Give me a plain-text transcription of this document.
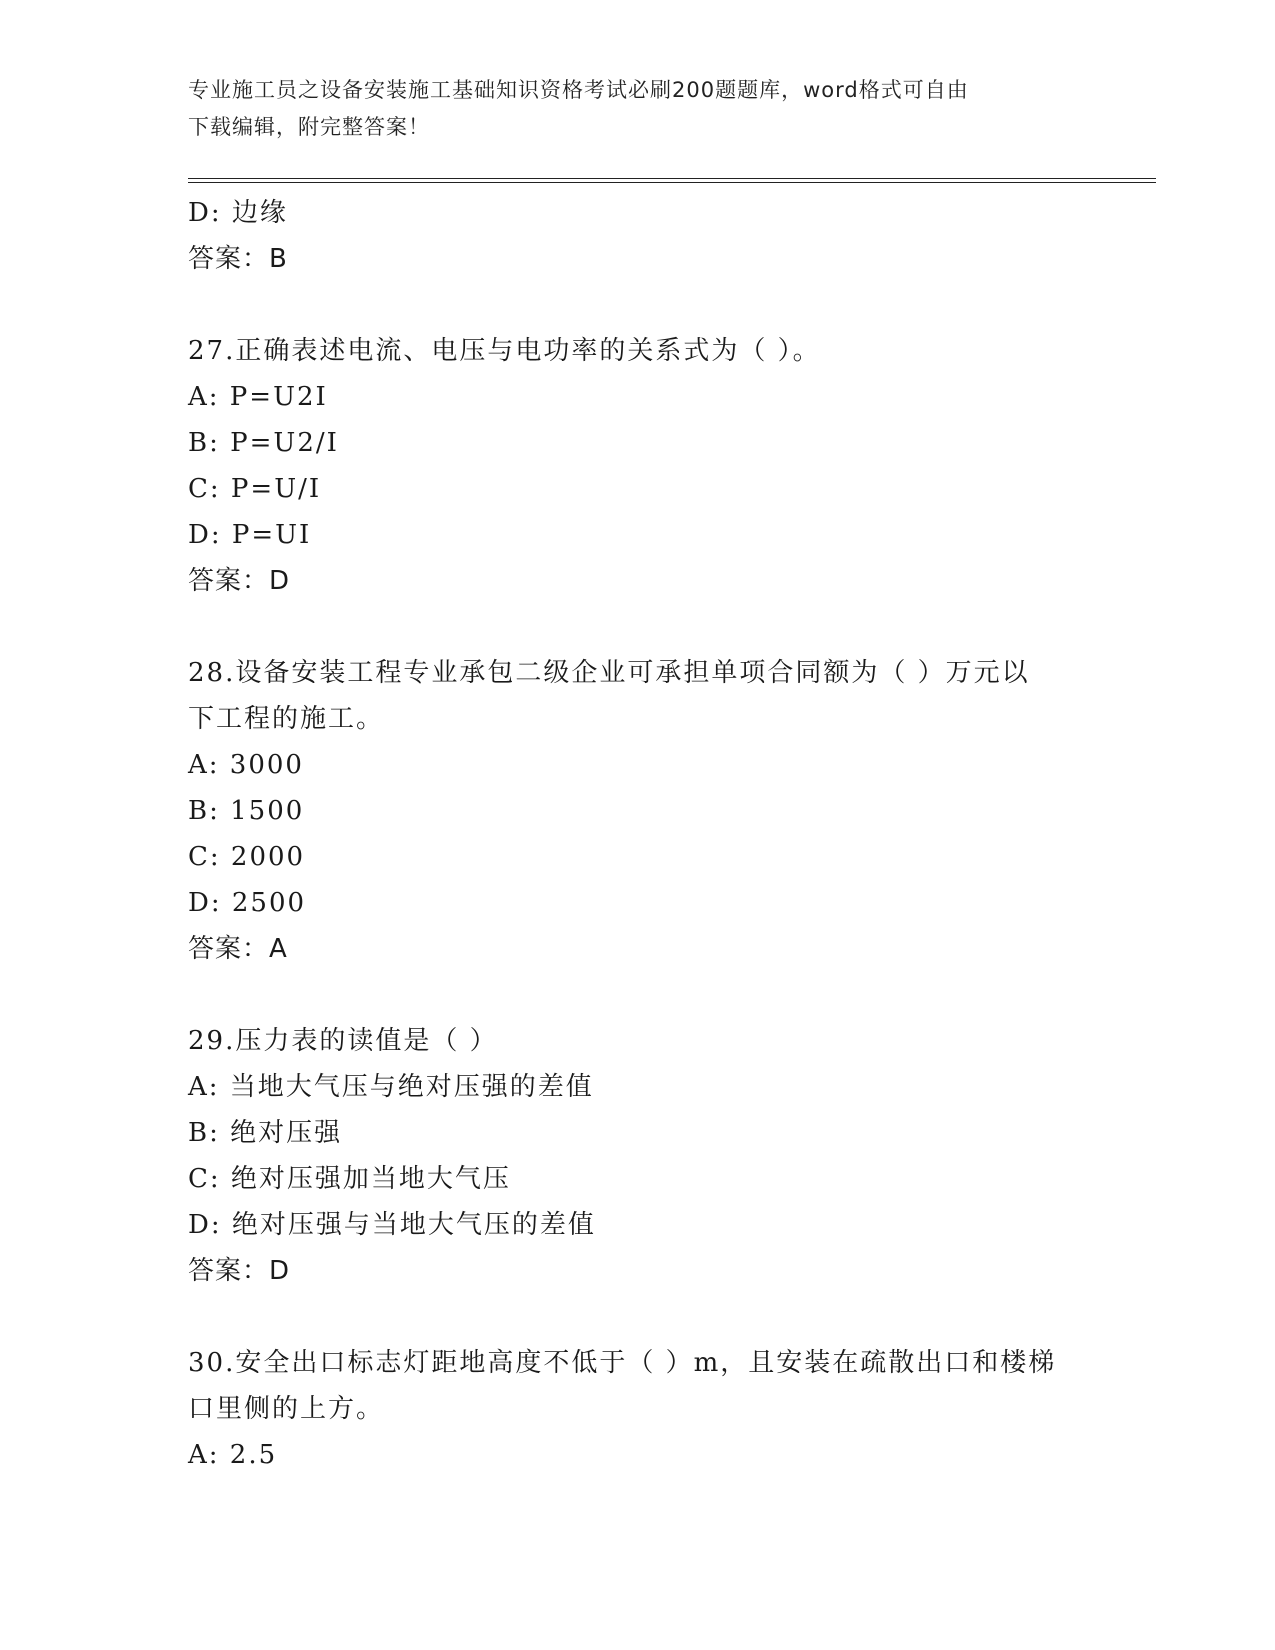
专业施工员之设备安装施工基础知识资格考试必刷200题题库，word格式可自由
下载编辑，附完整答案！
D: 边缘
答案：B
27.正确表述电流、电压与电功率的关系式为（ ）。
A: P=U2I
B: P=U2/I
C: P=U/I
D: P=UI
答案：D
28.设备安装工程专业承包二级企业可承担单项合同额为（ ）万元以
下工程的施工。
A: 3000
B: 1500
C: 2000
D: 2500
答案：A
29.压力表的读值是（ ）
A: 当地大气压与绝对压强的差值
B: 绝对压强
C: 绝对压强加当地大气压
D: 绝对压强与当地大气压的差值
答案：D
30.安全出口标志灯距地高度不低于（ ）m，且安装在疏散出口和楼梯
口里侧的上方。
A: 2.5
